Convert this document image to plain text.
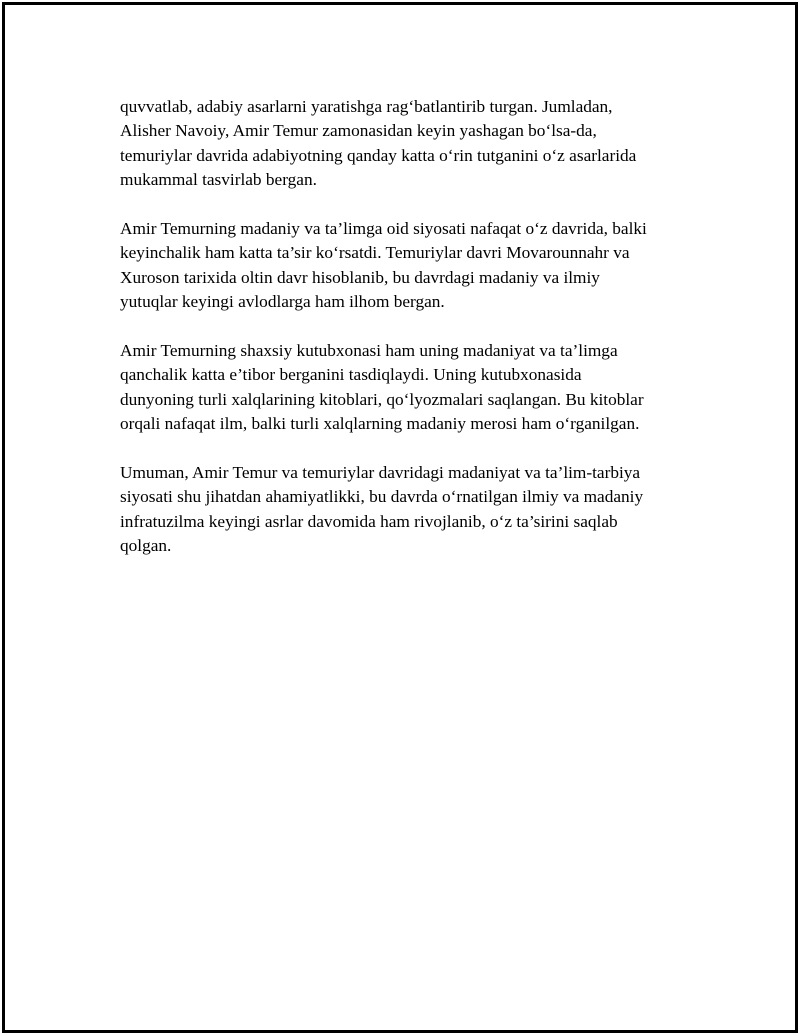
quvvatlab, adabiy asarlarni yaratishga rag‘batlantirib turgan. Jumladan,
Alisher Navoiy, Amir Temur zamonasidan keyin yashagan bo‘lsa-da,
temuriylar davrida adabiyotning qanday katta o‘rin tutganini o‘z asarlarida
mukammal tasvirlab bergan.

Amir Temurning madaniy va ta’limga oid siyosati nafaqat o‘z davrida, balki
keyinchalik ham katta ta’sir ko‘rsatdi. Temuriylar davri Movarounnahr va
Xuroson tarixida oltin davr hisoblanib, bu davrdagi madaniy va ilmiy
yutuqlar keyingi avlodlarga ham ilhom bergan.

Amir Temurning shaxsiy kutubxonasi ham uning madaniyat va ta’limga
qanchalik katta e’tibor berganini tasdiqlaydi. Uning kutubxonasida
dunyoning turli xalqlarining kitoblari, qo‘lyozmalari saqlangan. Bu kitoblar
orqali nafaqat ilm, balki turli xalqlarning madaniy merosi ham o‘rganilgan.

Umuman, Amir Temur va temuriylar davridagi madaniyat va ta’lim-tarbiya
siyosati shu jihatdan ahamiyatlikki, bu davrda o‘rnatilgan ilmiy va madaniy
infratuzilma keyingi asrlar davomida ham rivojlanib, o‘z ta’sirini saqlab
qolgan.
